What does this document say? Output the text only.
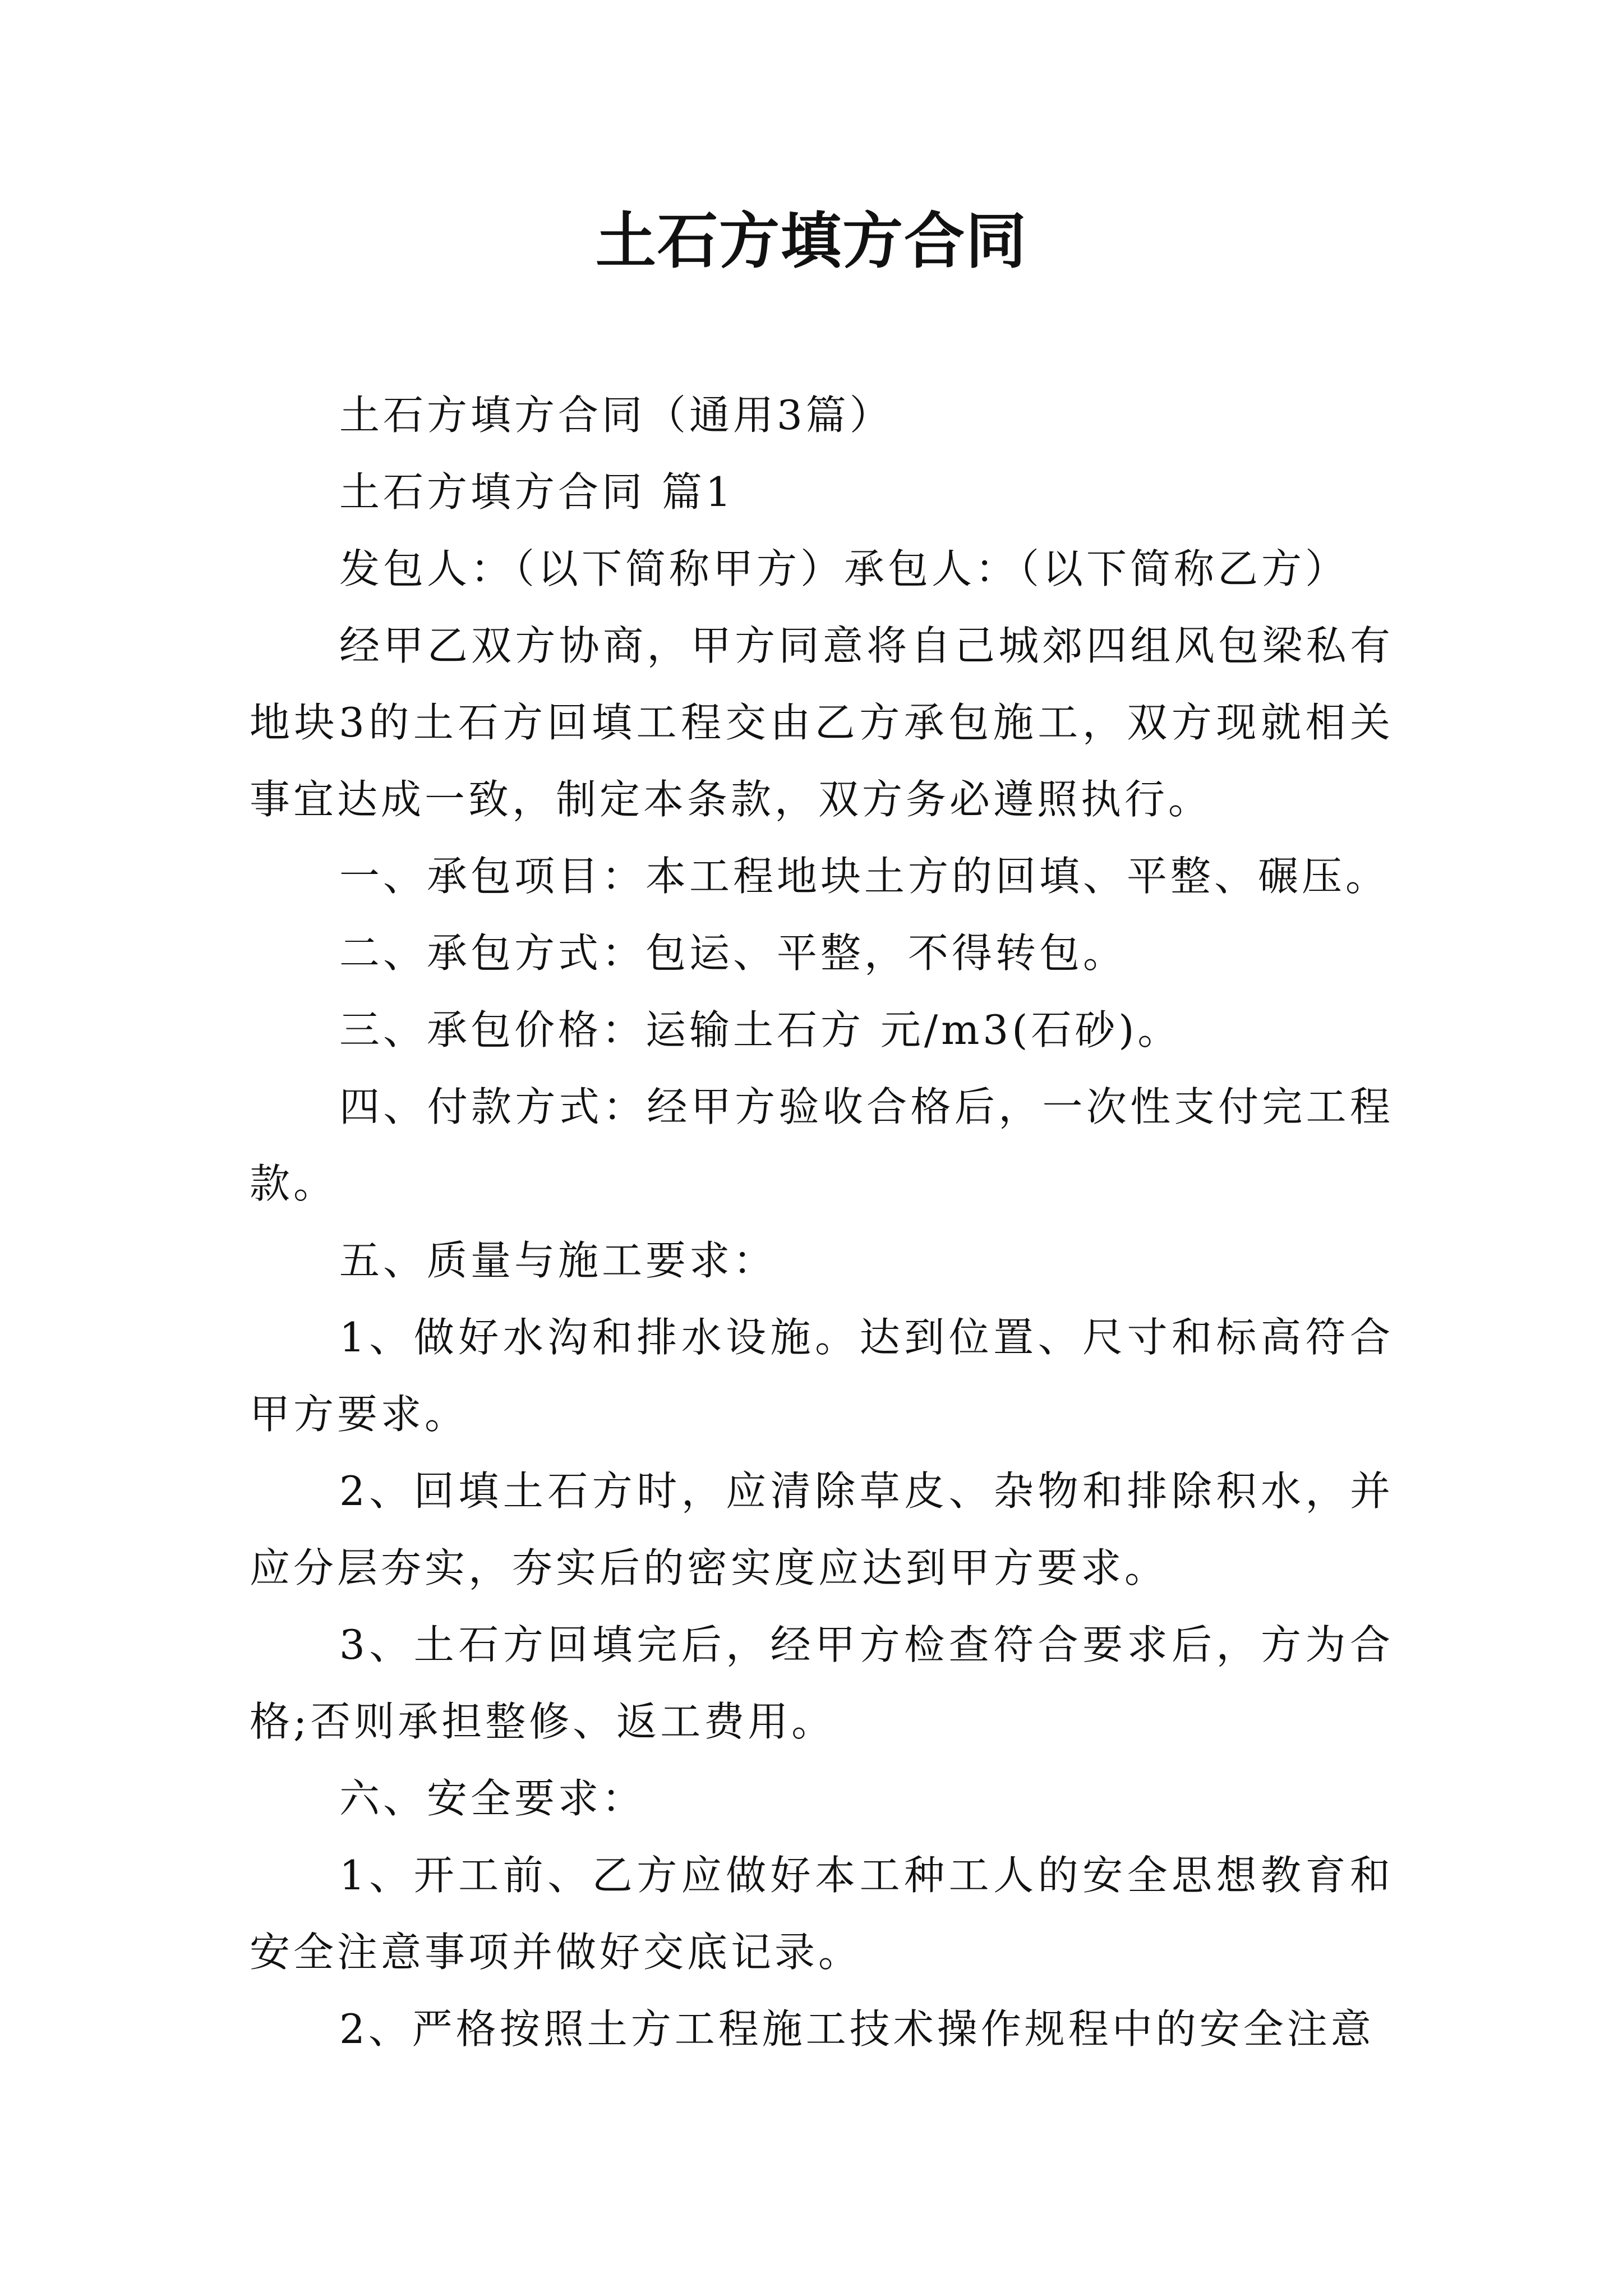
土石方填方合同

土石方填方合同（通用3篇）

土石方填方合同 篇1

发包人：（以下简称甲方）承包人：（以下简称乙方）

经甲乙双方协商，甲方同意将自己城郊四组风包梁私有地块3的土石方回填工程交由乙方承包施工，双方现就相关事宜达成一致，制定本条款，双方务必遵照执行。

一、承包项目：本工程地块土方的回填、平整、碾压。

二、承包方式：包运、平整，不得转包。

三、承包价格：运输土石方 元/m3(石砂)。

四、付款方式：经甲方验收合格后，一次性支付完工程款。

五、质量与施工要求：

1、做好水沟和排水设施。达到位置、尺寸和标高符合甲方要求。

2、回填土石方时，应清除草皮、杂物和排除积水，并应分层夯实，夯实后的密实度应达到甲方要求。

3、土石方回填完后，经甲方检查符合要求后，方为合格;否则承担整修、返工费用。

六、安全要求：

1、开工前、乙方应做好本工种工人的安全思想教育和安全注意事项并做好交底记录。

2、严格按照土方工程施工技术操作规程中的安全注意
